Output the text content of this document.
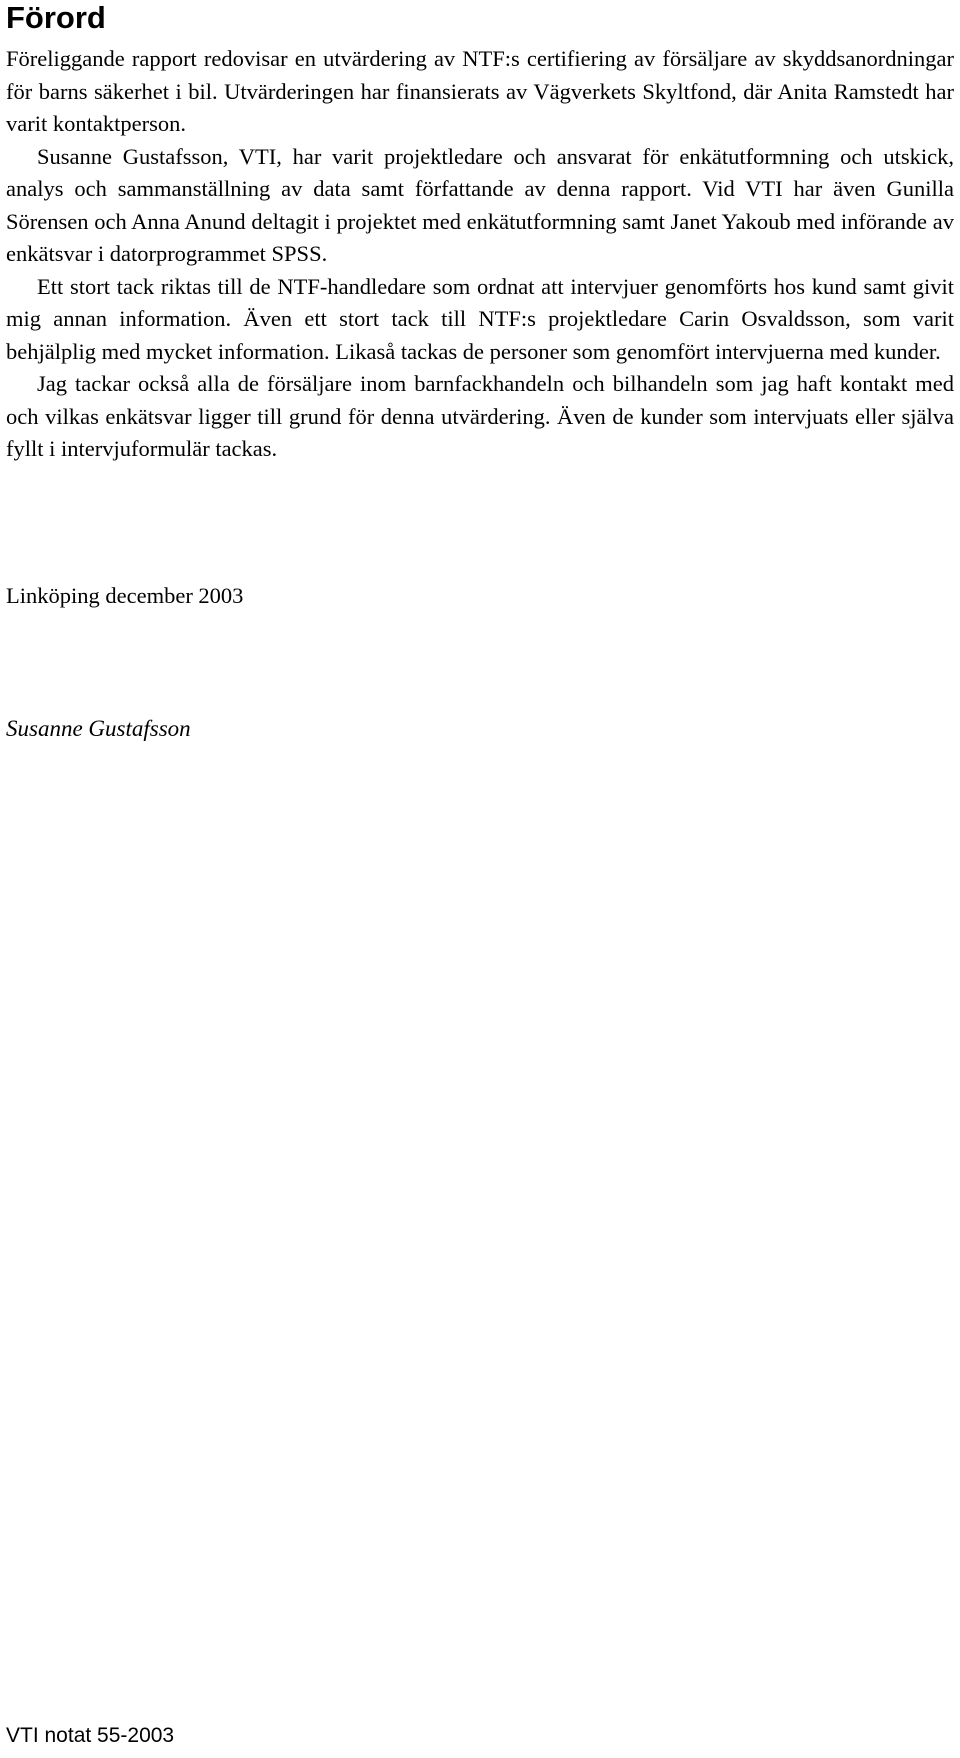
Förord

Föreliggande rapport redovisar en utvärdering av NTF:s certifiering av försäljare av skyddsanordningar för barns säkerhet i bil. Utvärderingen har finansierats av Vägverkets Skyltfond, där Anita Ramstedt har varit kontaktperson.

Susanne Gustafsson, VTI, har varit projektledare och ansvarat för enkätutformning och utskick, analys och sammanställning av data samt författande av denna rapport. Vid VTI har även Gunilla Sörensen och Anna Anund deltagit i projektet med enkätutformning samt Janet Yakoub med införande av enkätsvar i datorprogrammet SPSS.

Ett stort tack riktas till de NTF-handledare som ordnat att intervjuer genomförts hos kund samt givit mig annan information. Även ett stort tack till NTF:s projektledare Carin Osvaldsson, som varit behjälplig med mycket information. Likaså tackas de personer som genomfört intervjuerna med kunder.

Jag tackar också alla de försäljare inom barnfackhandeln och bilhandeln som jag haft kontakt med och vilkas enkätsvar ligger till grund för denna utvärdering. Även de kunder som intervjuats eller själva fyllt i intervjuformulär tackas.

Linköping december 2003

Susanne Gustafsson

VTI notat 55-2003
